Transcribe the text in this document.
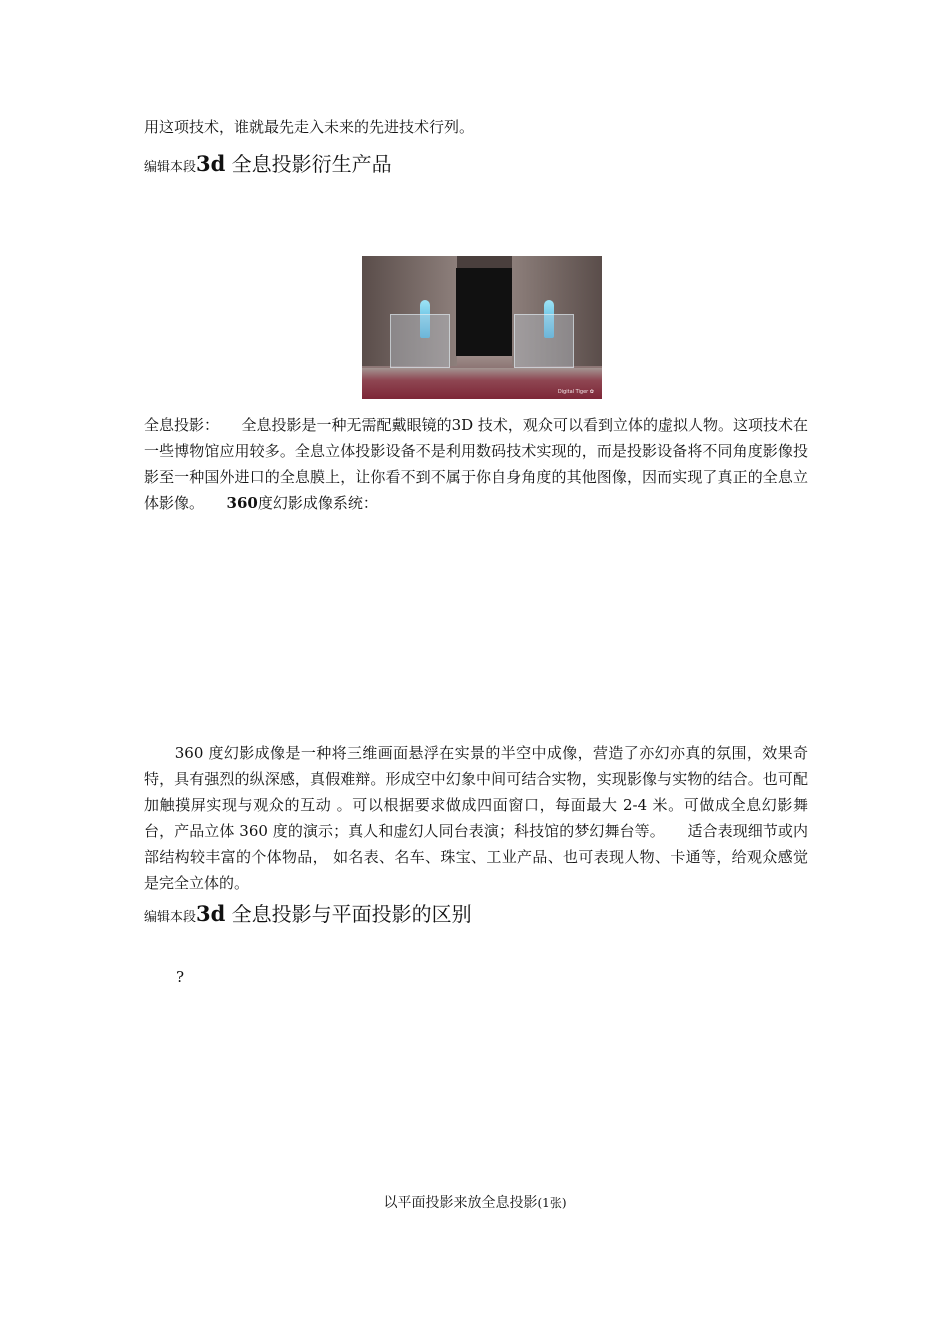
用这项技术，谁就最先走入未来的先进技术行列。
编辑本段3d 全息投影衍生产品
Digital Tiger ✿
全息投影：　　全息投影是一种无需配戴眼镜的3D 技术，观众可以看到立体的虚拟人物。这项技术在一些博物馆应用较多。全息立体投影设备不是利用数码技术实现的，而是投影设备将不同角度影像投影至一种国外进口的全息膜上，让你看不到不属于你自身角度的其他图像，因而实现了真正的全息立体影像。　　360度幻影成像系统：
　　360 度幻影成像是一种将三维画面悬浮在实景的半空中成像，营造了亦幻亦真的氛围，效果奇特，具有强烈的纵深感，真假难辩。形成空中幻象中间可结合实物，实现影像与实物的结合。也可配加触摸屏实现与观众的互动 。可以根据要求做成四面窗口，每面最大 2-4 米。可做成全息幻影舞台，产品立体 360 度的演示；真人和虚幻人同台表演；科技馆的梦幻舞台等。　　适合表现细节或内部结构较丰富的个体物品， 如名表、名车、珠宝、工业产品、也可表现人物、卡通等，给观众感觉是完全立体的。
编辑本段3d 全息投影与平面投影的区别
?
以平面投影来放全息投影(1张)
